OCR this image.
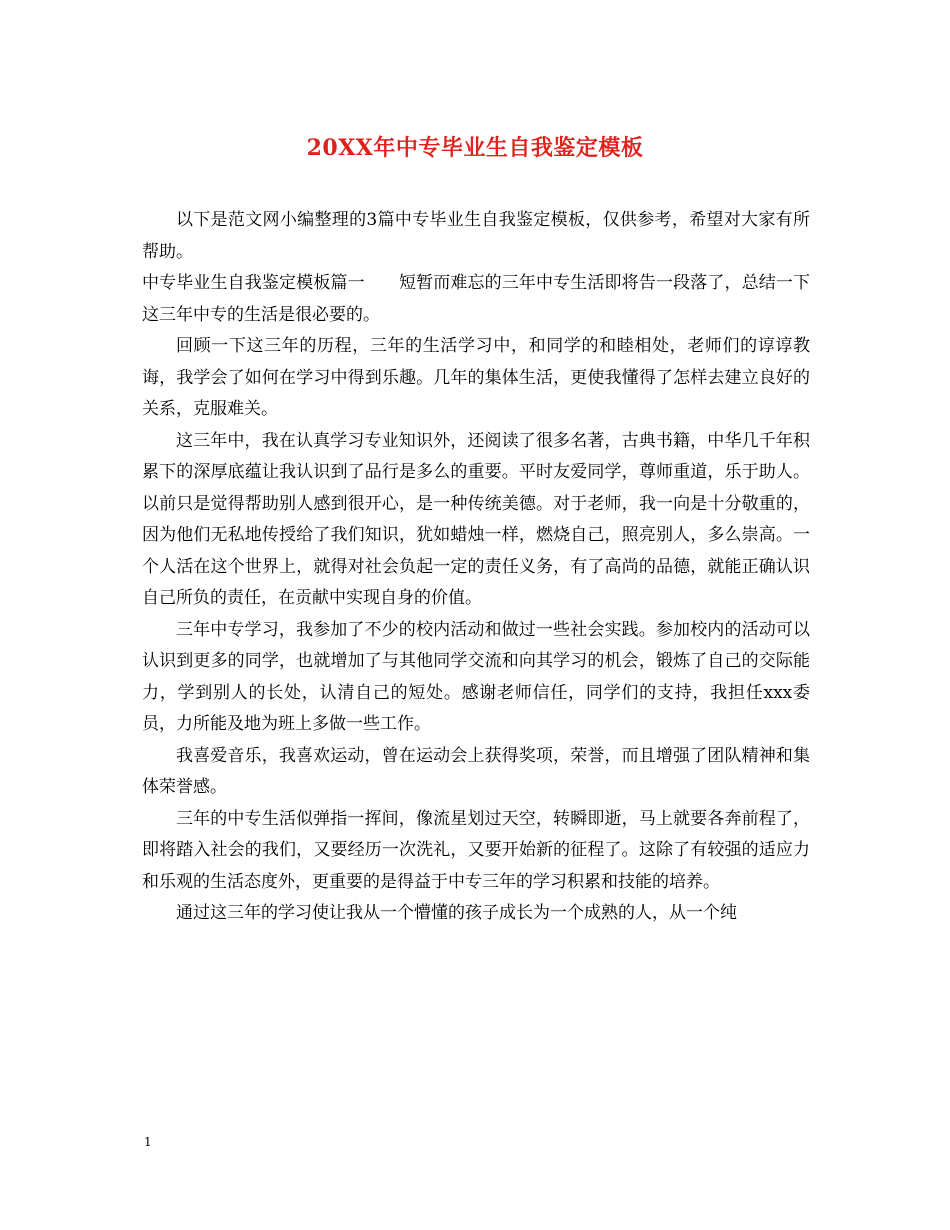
20XX年中专毕业生自我鉴定模板

以下是范文网小编整理的3篇中专毕业生自我鉴定模板，仅供参考，希望对大家有所帮助。

中专毕业生自我鉴定模板篇一　　短暂而难忘的三年中专生活即将告一段落了，总结一下这三年中专的生活是很必要的。

回顾一下这三年的历程，三年的生活学习中，和同学的和睦相处，老师们的谆谆教诲，我学会了如何在学习中得到乐趣。几年的集体生活，更使我懂得了怎样去建立良好的关系，克服难关。

这三年中，我在认真学习专业知识外，还阅读了很多名著，古典书籍，中华几千年积累下的深厚底蕴让我认识到了品行是多么的重要。平时友爱同学，尊师重道，乐于助人。以前只是觉得帮助别人感到很开心，是一种传统美德。对于老师，我一向是十分敬重的，因为他们无私地传授给了我们知识，犹如蜡烛一样，燃烧自己，照亮别人，多么崇高。一个人活在这个世界上，就得对社会负起一定的责任义务，有了高尚的品德，就能正确认识自己所负的责任，在贡献中实现自身的价值。

三年中专学习，我参加了不少的校内活动和做过一些社会实践。参加校内的活动可以认识到更多的同学，也就增加了与其他同学交流和向其学习的机会，锻炼了自己的交际能力，学到别人的长处，认清自己的短处。感谢老师信任，同学们的支持，我担任xxx委员，力所能及地为班上多做一些工作。

我喜爱音乐，我喜欢运动，曾在运动会上获得奖项，荣誉，而且增强了团队精神和集体荣誉感。

三年的中专生活似弹指一挥间，像流星划过天空，转瞬即逝，马上就要各奔前程了，即将踏入社会的我们，又要经历一次洗礼，又要开始新的征程了。这除了有较强的适应力和乐观的生活态度外，更重要的是得益于中专三年的学习积累和技能的培养。

通过这三年的学习使让我从一个懵懂的孩子成长为一个成熟的人，从一个纯

1
